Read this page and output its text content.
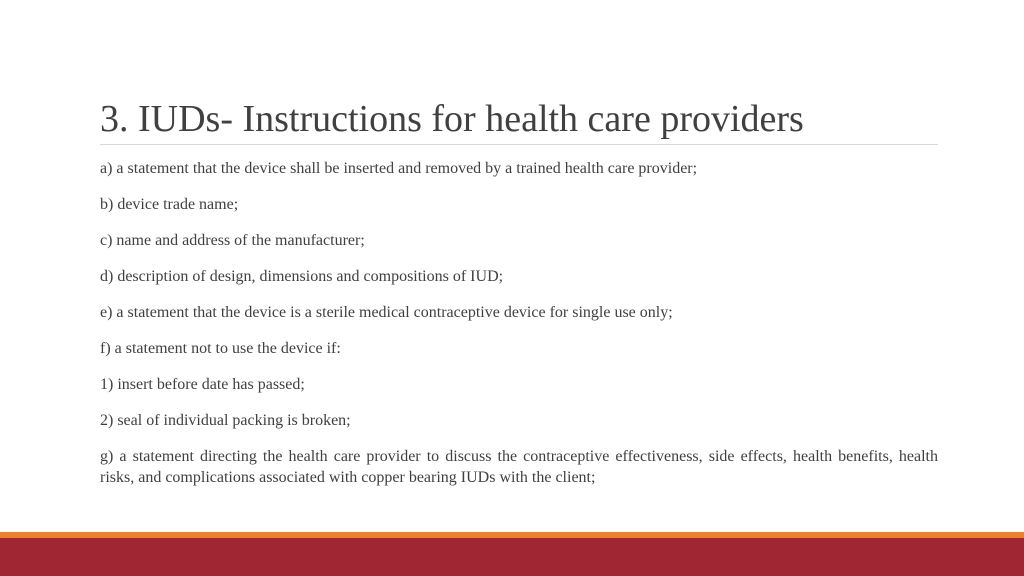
3. IUDs- Instructions for health care providers
a) a statement that the device shall be inserted and removed by a trained health care provider;
b) device trade name;
c) name and address of the manufacturer;
d) description of design, dimensions and compositions of IUD;
e) a statement that the device is a sterile medical contraceptive device for single use only;
f) a statement not to use the device if:
1) insert before date has passed;
2) seal of individual packing is broken;
g) a statement directing the health care provider to discuss the contraceptive effectiveness, side effects, health benefits, health risks, and complications associated with copper bearing IUDs with the client;
